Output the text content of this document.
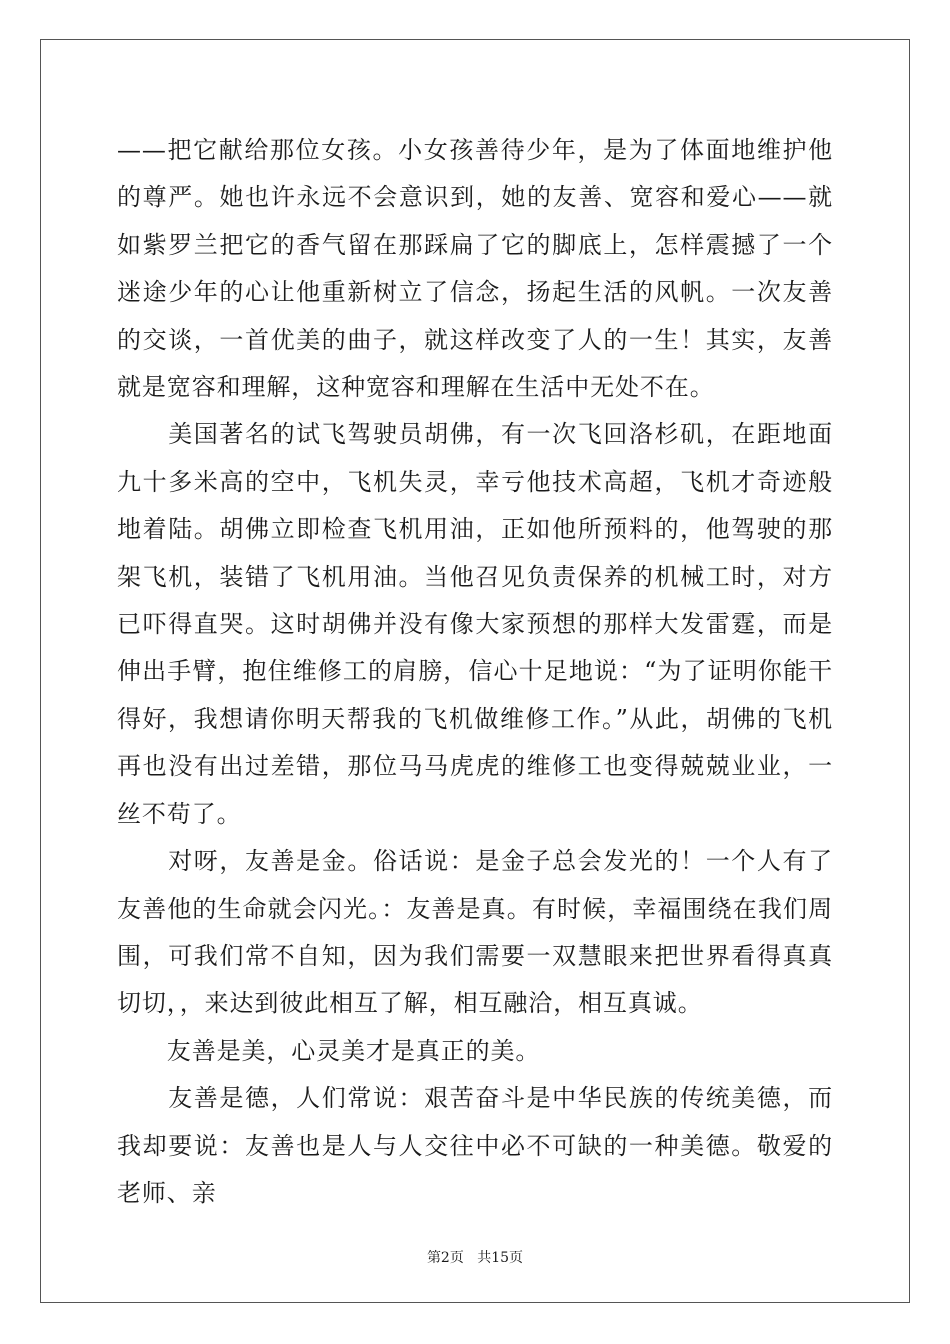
——把它献给那位女孩。小女孩善待少年，是为了体面地维护他的尊严。她也许永远不会意识到，她的友善、宽容和爱心——就如紫罗兰把它的香气留在那踩扁了它的脚底上，怎样震撼了一个迷途少年的心让他重新树立了信念，扬起生活的风帆。一次友善的交谈，一首优美的曲子，就这样改变了人的一生！其实，友善就是宽容和理解，这种宽容和理解在生活中无处不在。

　　美国著名的试飞驾驶员胡佛，有一次飞回洛杉矶，在距地面九十多米高的空中，飞机失灵，幸亏他技术高超，飞机才奇迹般地着陆。胡佛立即检查飞机用油，正如他所预料的，他驾驶的那架飞机，装错了飞机用油。当他召见负责保养的机械工时，对方已吓得直哭。这时胡佛并没有像大家预想的那样大发雷霆，而是伸出手臂，抱住维修工的肩膀，信心十足地说：“为了证明你能干得好，我想请你明天帮我的飞机做维修工作。”从此，胡佛的飞机再也没有出过差错，那位马马虎虎的维修工也变得兢兢业业，一丝不苟了。

　　对呀，友善是金。俗话说：是金子总会发光的！一个人有了友善他的生命就会闪光。：友善是真。有时候，幸福围绕在我们周围，可我们常不自知，因为我们需要一双慧眼来把世界看得真真切切，，来达到彼此相互了解，相互融洽，相互真诚。

　　友善是美，心灵美才是真正的美。

　　友善是德，人们常说：艰苦奋斗是中华民族的传统美德，而我却要说：友善也是人与人交往中必不可缺的一种美德。敬爱的老师、亲

第2页 共15页
